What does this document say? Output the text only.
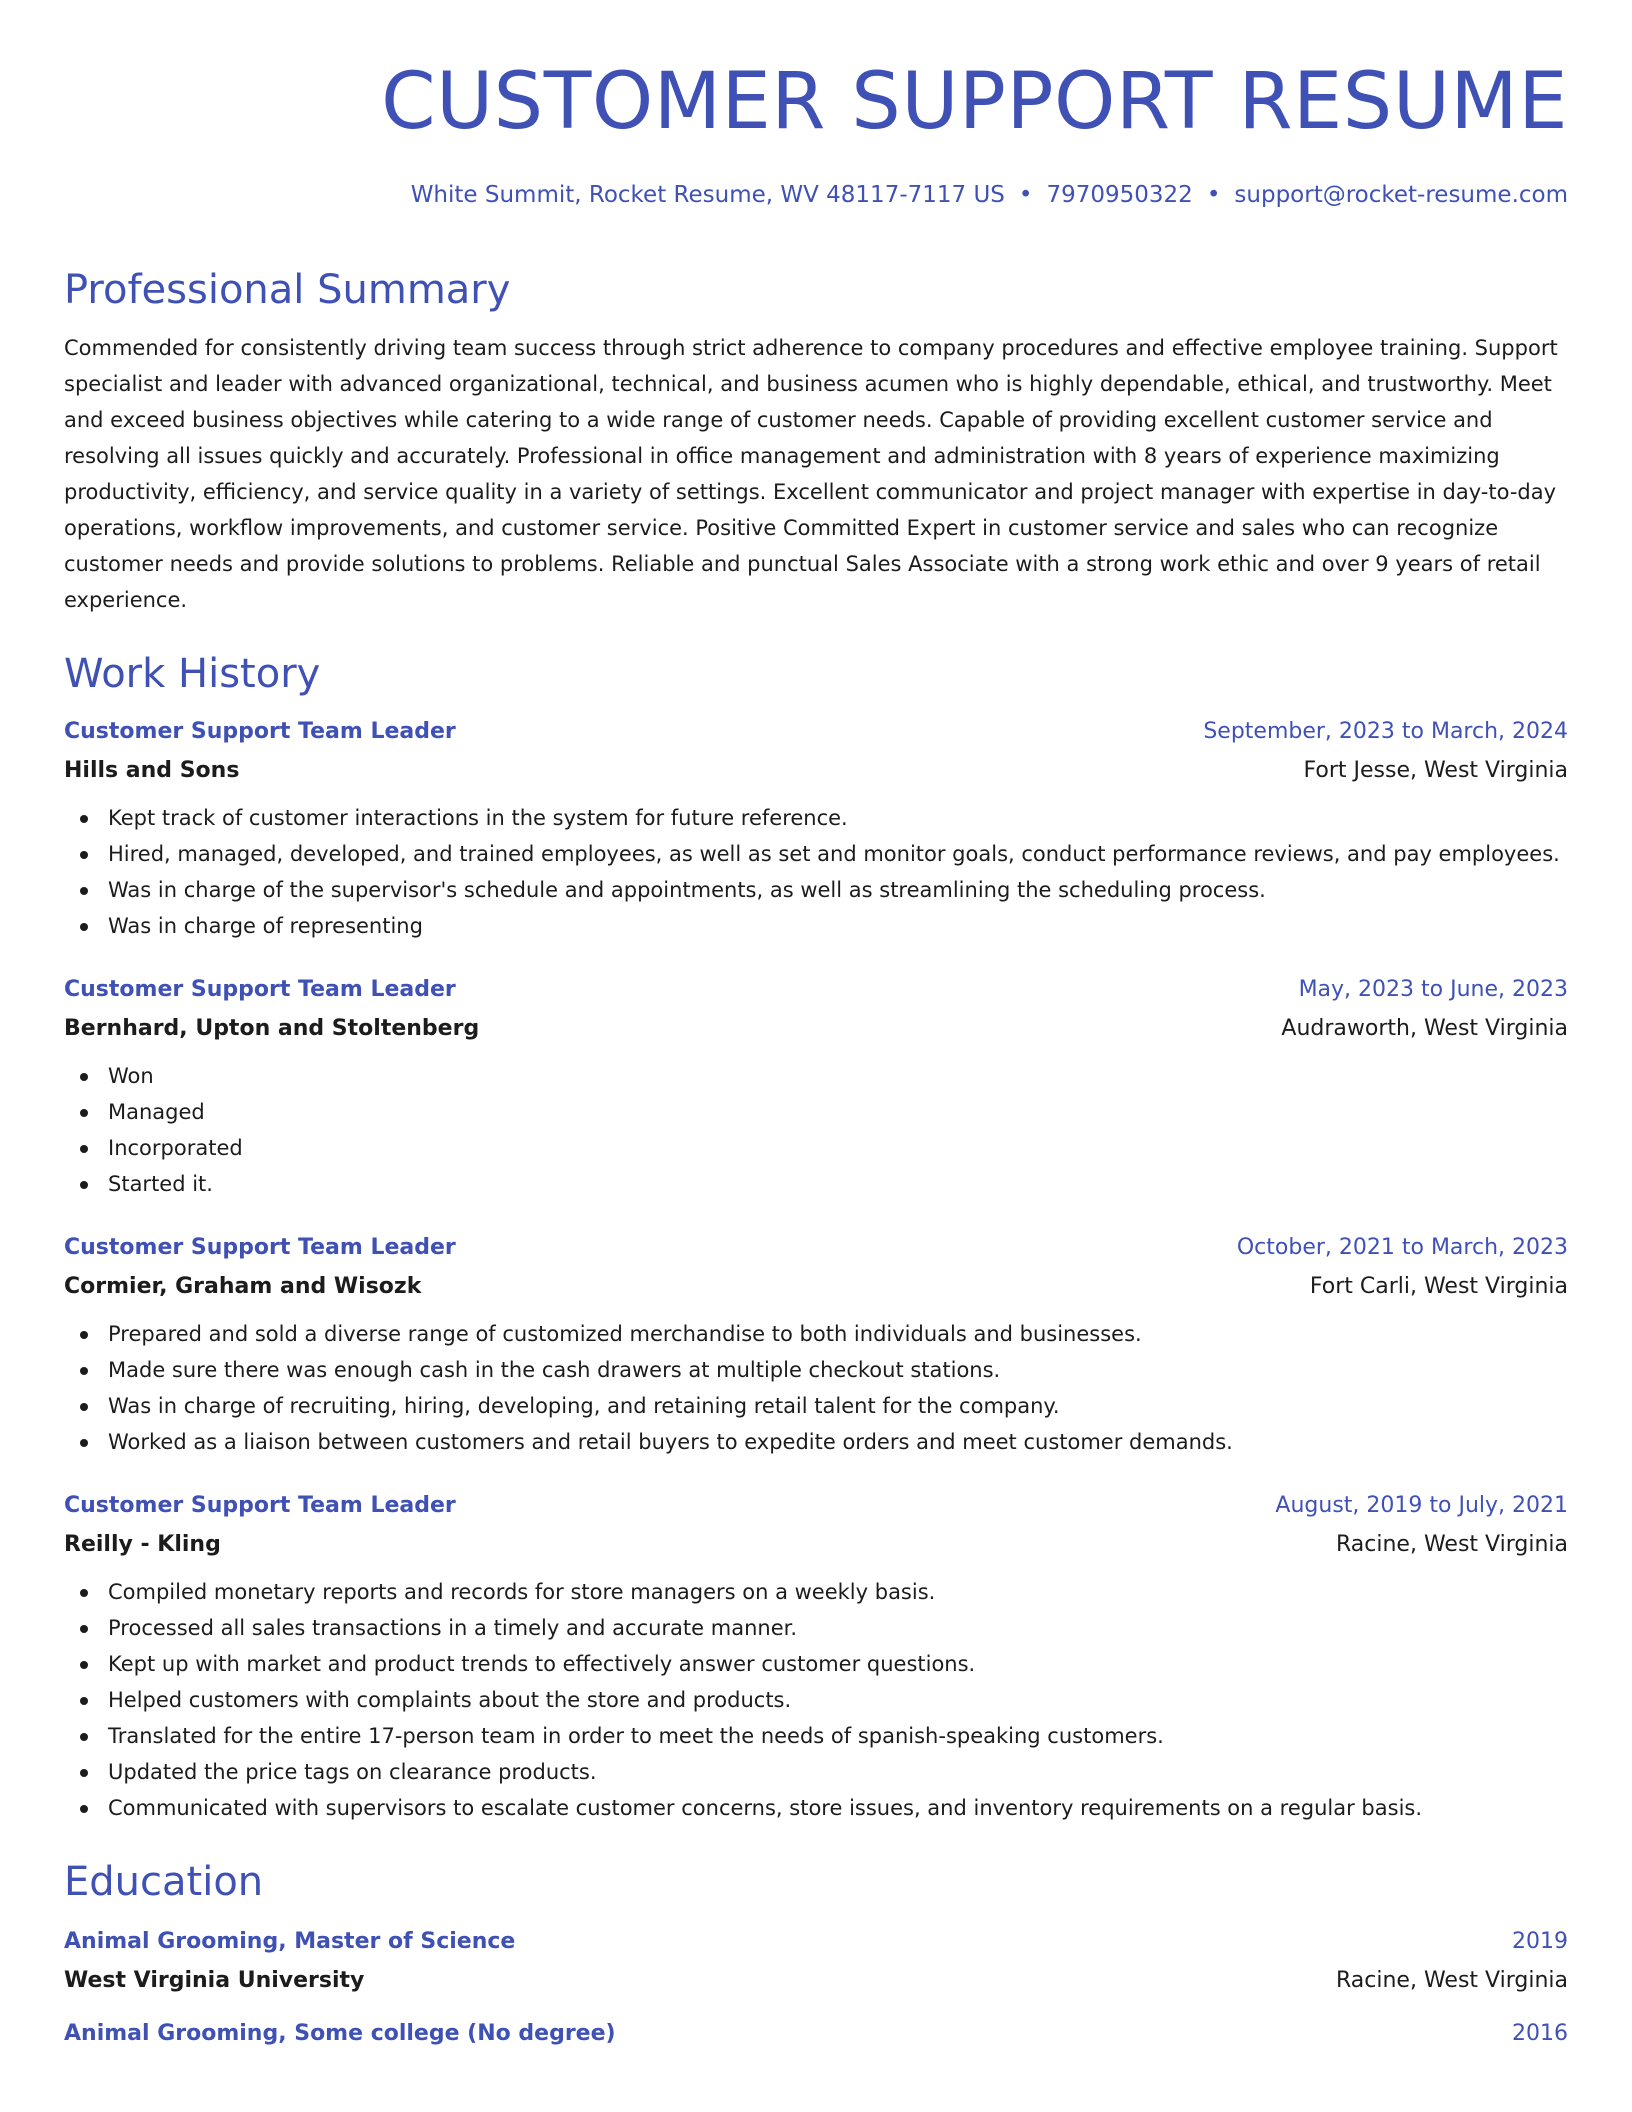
CUSTOMER SUPPORT RESUME
White Summit, Rocket Resume, WV 48117-7117 US • 7970950322 • support@rocket-resume.com
Professional Summary

Commended for consistently driving team success through strict adherence to company procedures and effective employee training. Support specialist and leader with advanced organizational, technical, and business acumen who is highly dependable, ethical, and trustworthy. Meet and exceed business objectives while catering to a wide range of customer needs. Capable of providing excellent customer service and resolving all issues quickly and accurately. Professional in office management and administration with 8 years of experience maximizing productivity, efficiency, and service quality in a variety of settings. Excellent communicator and project manager with expertise in day-to-day operations, workflow improvements, and customer service. Positive Committed Expert in customer service and sales who can recognize customer needs and provide solutions to problems. Reliable and punctual Sales Associate with a strong work ethic and over 9 years of retail experience.

Work History
Customer Support Team Leader	September, 2023 to March, 2024
Hills and Sons	Fort Jesse, West Virginia
Kept track of customer interactions in the system for future reference.
Hired, managed, developed, and trained employees, as well as set and monitor goals, conduct performance reviews, and pay employees.
Was in charge of the supervisor's schedule and appointments, as well as streamlining the scheduling process.
Was in charge of representing
Customer Support Team Leader	May, 2023 to June, 2023
Bernhard, Upton and Stoltenberg	Audraworth, West Virginia
Won
Managed
Incorporated
Started it.
Customer Support Team Leader	October, 2021 to March, 2023
Cormier, Graham and Wisozk	Fort Carli, West Virginia
Prepared and sold a diverse range of customized merchandise to both individuals and businesses.
Made sure there was enough cash in the cash drawers at multiple checkout stations.
Was in charge of recruiting, hiring, developing, and retaining retail talent for the company.
Worked as a liaison between customers and retail buyers to expedite orders and meet customer demands.
Customer Support Team Leader	August, 2019 to July, 2021
Reilly - Kling	Racine, West Virginia
Compiled monetary reports and records for store managers on a weekly basis.
Processed all sales transactions in a timely and accurate manner.
Kept up with market and product trends to effectively answer customer questions.
Helped customers with complaints about the store and products.
Translated for the entire 17-person team in order to meet the needs of spanish-speaking customers.
Updated the price tags on clearance products.
Communicated with supervisors to escalate customer concerns, store issues, and inventory requirements on a regular basis.
Education
Animal Grooming, Master of Science	2019
West Virginia University	Racine, West Virginia
Animal Grooming, Some college (No degree)	2016
